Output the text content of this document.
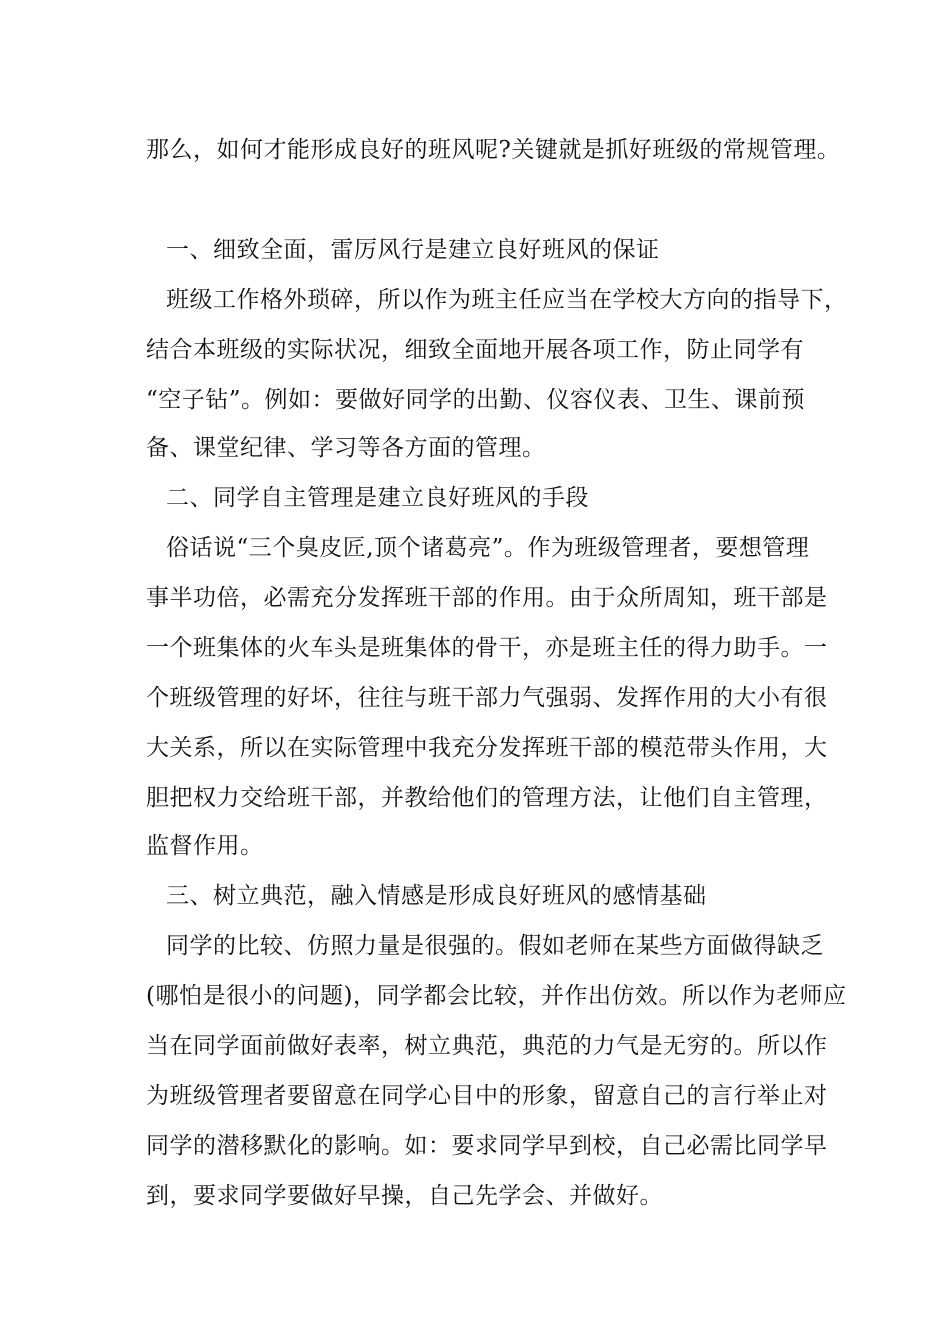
那么，如何才能形成良好的班风呢?关键就是抓好班级的常规管理。
一、细致全面，雷厉风行是建立良好班风的保证
班级工作格外琐碎，所以作为班主任应当在学校大方向的指导下，
结合本班级的实际状况，细致全面地开展各项工作，防止同学有
“空子钻”。例如：要做好同学的出勤、仪容仪表、卫生、课前预
备、课堂纪律、学习等各方面的管理。
二、同学自主管理是建立良好班风的手段
俗话说“三个臭皮匠,顶个诸葛亮”。作为班级管理者，要想管理
事半功倍，必需充分发挥班干部的作用。由于众所周知，班干部是
一个班集体的火车头是班集体的骨干，亦是班主任的得力助手。一
个班级管理的好坏，往往与班干部力气强弱、发挥作用的大小有很
大关系，所以在实际管理中我充分发挥班干部的模范带头作用，大
胆把权力交给班干部，并教给他们的管理方法，让他们自主管理，
监督作用。
三、树立典范，融入情感是形成良好班风的感情基础
同学的比较、仿照力量是很强的。假如老师在某些方面做得缺乏
(哪怕是很小的问题)，同学都会比较，并作出仿效。所以作为老师应
当在同学面前做好表率，树立典范，典范的力气是无穷的。所以作
为班级管理者要留意在同学心目中的形象，留意自己的言行举止对
同学的潜移默化的影响。如：要求同学早到校，自己必需比同学早
到，要求同学要做好早操，自己先学会、并做好。
